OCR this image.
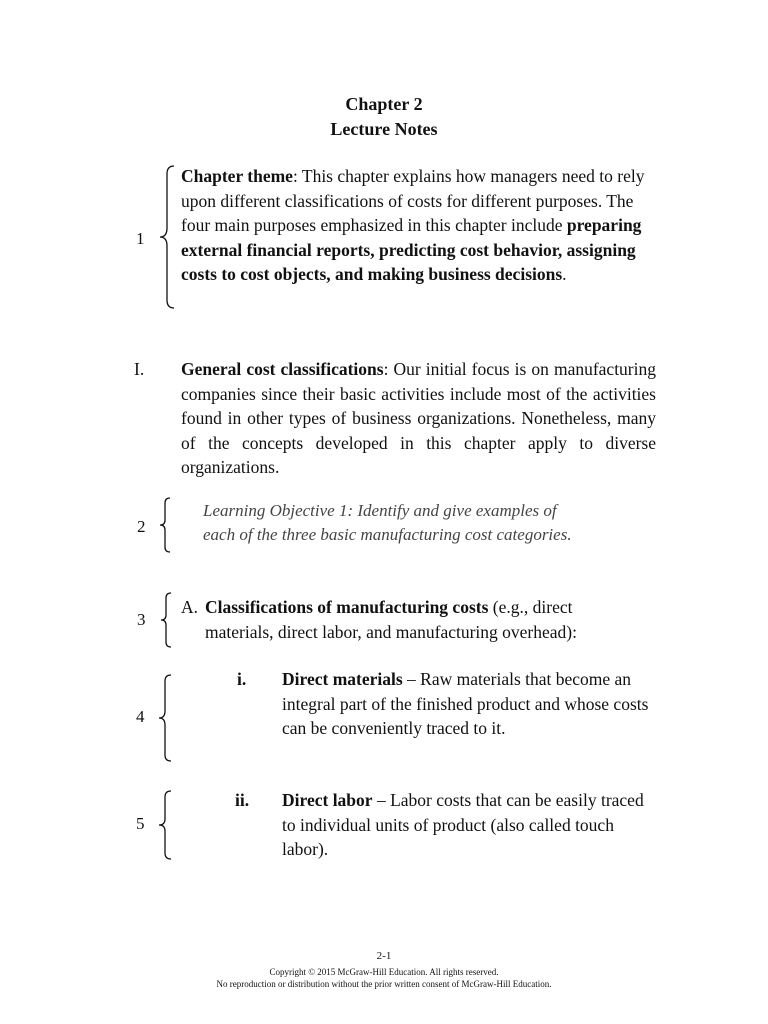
Chapter 2
Lecture Notes
1
Chapter theme: This chapter explains how managers need to rely upon different classifications of costs for different purposes. The four main purposes emphasized in this chapter include preparing external financial reports, predicting cost behavior, assigning costs to cost objects, and making business decisions.
I. General cost classifications: Our initial focus is on manufacturing companies since their basic activities include most of the activities found in other types of business organizations. Nonetheless, many of the concepts developed in this chapter apply to diverse organizations.
2
Learning Objective 1: Identify and give examples of
each of the three basic manufacturing cost categories.
3
A. Classifications of manufacturing costs (e.g., direct materials, direct labor, and manufacturing overhead):
4
i. Direct materials – Raw materials that become an integral part of the finished product and whose costs can be conveniently traced to it.
5
ii. Direct labor – Labor costs that can be easily traced to individual units of product (also called touch labor).
2-1
Copyright © 2015 McGraw-Hill Education. All rights reserved.
No reproduction or distribution without the prior written consent of McGraw-Hill Education.
